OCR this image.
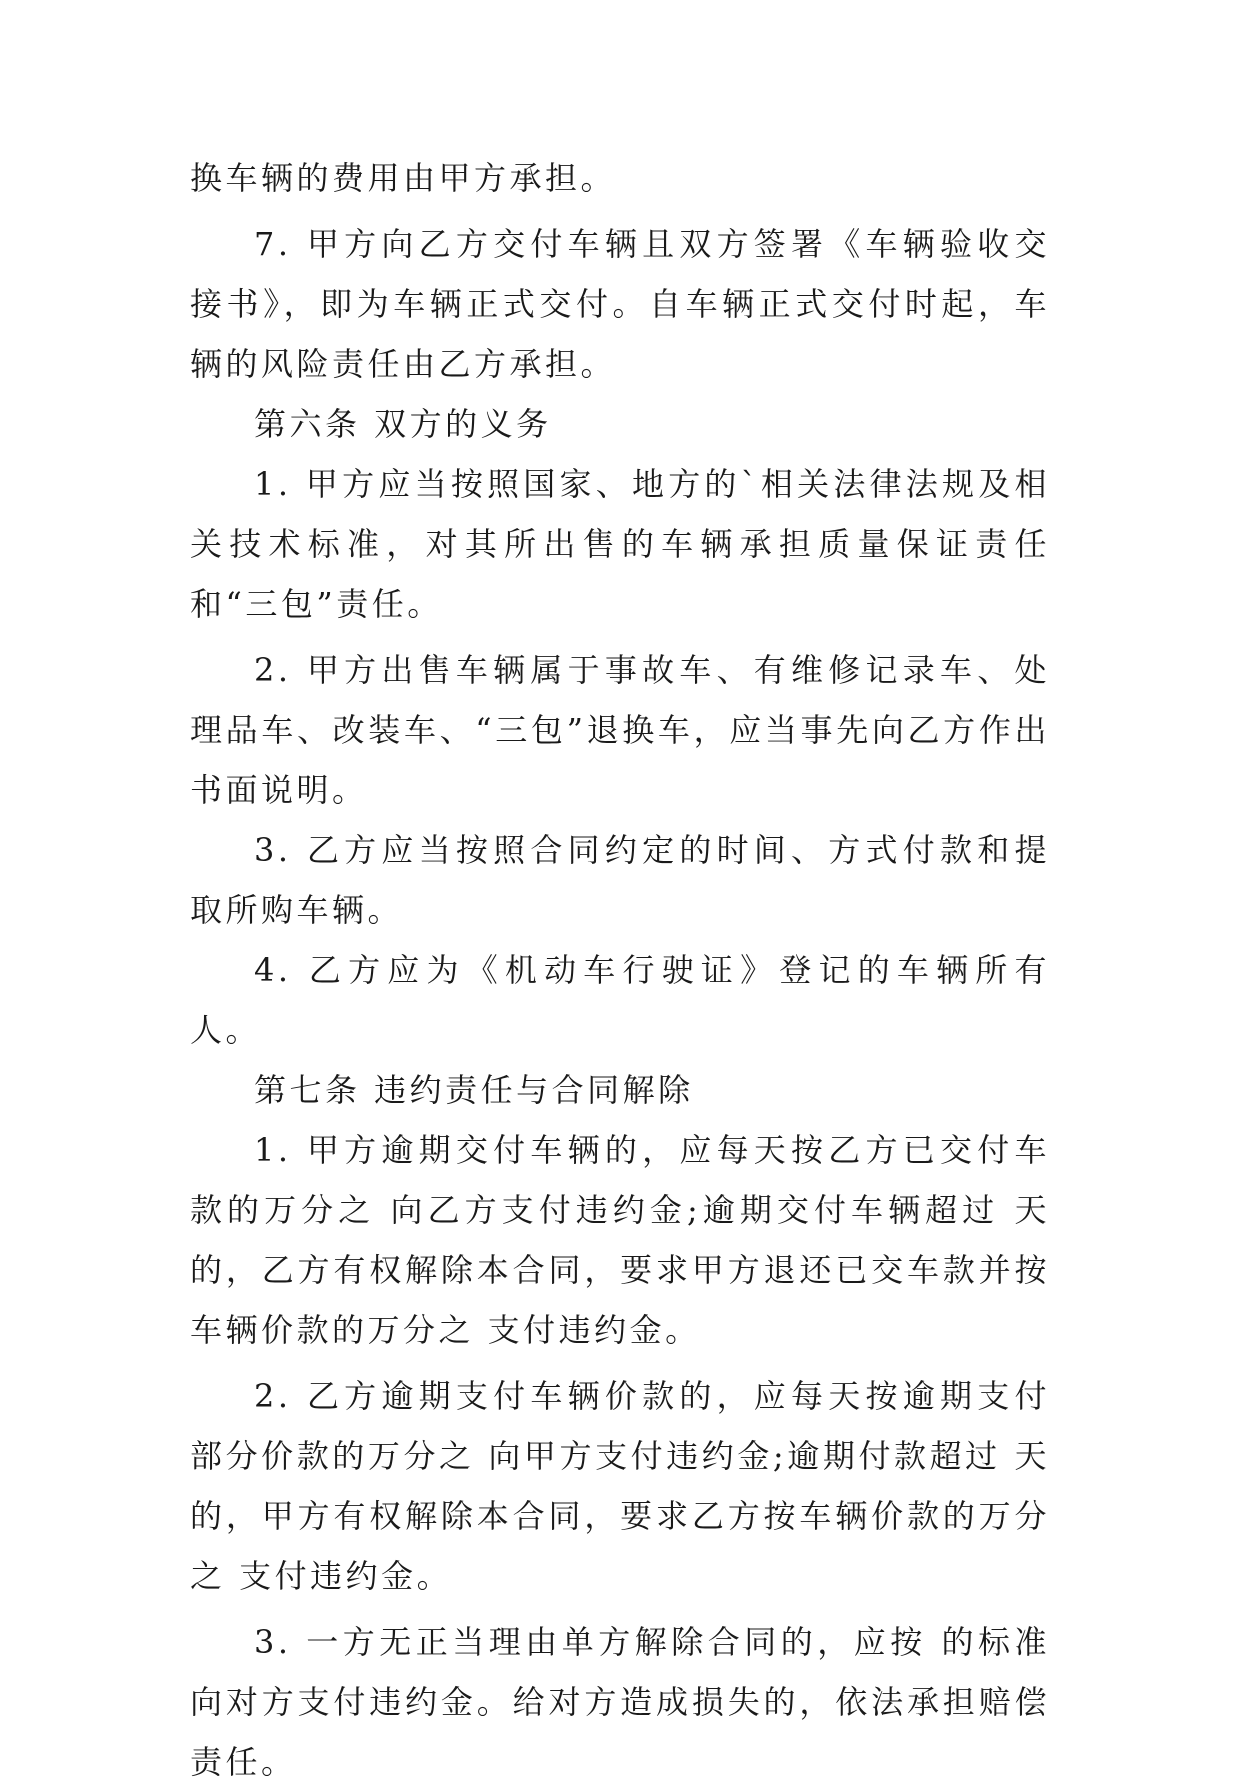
换车辆的费用由甲方承担。

7. 甲方向乙方交付车辆且双方签署《车辆验收交接书》，即为车辆正式交付。自车辆正式交付时起，车辆的风险责任由乙方承担。

第六条 双方的义务

1. 甲方应当按照国家、地方的`相关法律法规及相关技术标准，对其所出售的车辆承担质量保证责任和“三包”责任。

2. 甲方出售车辆属于事故车、有维修记录车、处理品车、改装车、“三包”退换车，应当事先向乙方作出书面说明。

3. 乙方应当按照合同约定的时间、方式付款和提取所购车辆。

4. 乙方应为《机动车行驶证》登记的车辆所有人。

第七条 违约责任与合同解除

1. 甲方逾期交付车辆的，应每天按乙方已交付车款的万分之 向乙方支付违约金;逾期交付车辆超过 天的，乙方有权解除本合同，要求甲方退还已交车款并按车辆价款的万分之 支付违约金。

2. 乙方逾期支付车辆价款的，应每天按逾期支付部分价款的万分之 向甲方支付违约金;逾期付款超过 天的，甲方有权解除本合同，要求乙方按车辆价款的万分之 支付违约金。

3. 一方无正当理由单方解除合同的，应按 的标准向对方支付违约金。给对方造成损失的，依法承担赔偿责任。
